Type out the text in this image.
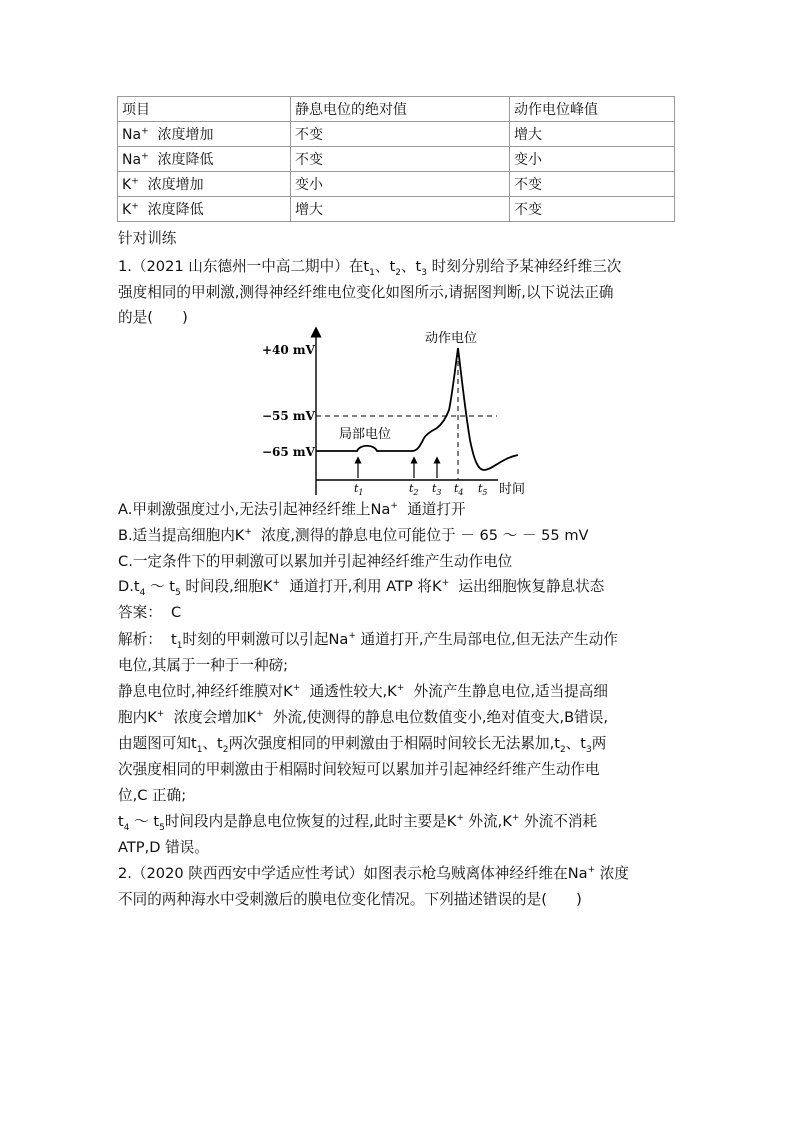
项目	静息电位的绝对值	动作电位峰值
Na+  浓度增加	不变	增大
Na+  浓度降低	不变	变小
K+  浓度增加	变小	不变
K+  浓度降低	增大	不变
针对训练
1.（2021 山东德州一中高二期中）在$t_1$、$t_2$、$t_3$ 时刻分别给予某神经纤维三次
强度相同的甲刺激,测得神经纤维电位变化如图所示,请据图判断,以下说法正确
的是(　　)
+40 mV
−55 mV
−65 mV
动作电位
局部电位
$t_1$	$t_2$ $t_3$ $t_4$ $t_5$ 时间
A.甲刺激强度过小,无法引起神经纤维上Na+  通道打开
B.适当提高细胞内K+  浓度,测得的静息电位可能位于 － 65 ～ － 55 mV
C.一定条件下的甲刺激可以累加并引起神经纤维产生动作电位
$D.t_4$ ～ $t_5$ 时间段,细胞K+  通道打开,利用 ATP 将K+  运出细胞恢复静息状态
答案：  C
解析：  $t_1$时刻的甲刺激可以引起Na+ 通道打开,产生局部电位,但无法产生动作
电位,其属于一种于一种磅;
静息电位时,神经纤维膜对K+  通透性较大,K+  外流产生静息电位,适当提高细
胞内K+  浓度会增加K+  外流,使测得的静息电位数值变小,绝对值变大,B错误,
由题图可知$t_1$、$t_2$两次强度相同的甲刺激由于相隔时间较长无法累加$,t_2$、$t_3$两
次强度相同的甲刺激由于相隔时间较短可以累加并引起神经纤维产生动作电
位,C 正确;
$t_4$ ～ $t_5$时间段内是静息电位恢复的过程,此时主要是K+ 外流,K+ 外流不消耗
ATP,D 错误。
2.（2020 陕西西安中学适应性考试）如图表示枪乌贼离体神经纤维在Na+ 浓度
不同的两种海水中受刺激后的膜电位变化情况。下列描述错误的是(　　)
